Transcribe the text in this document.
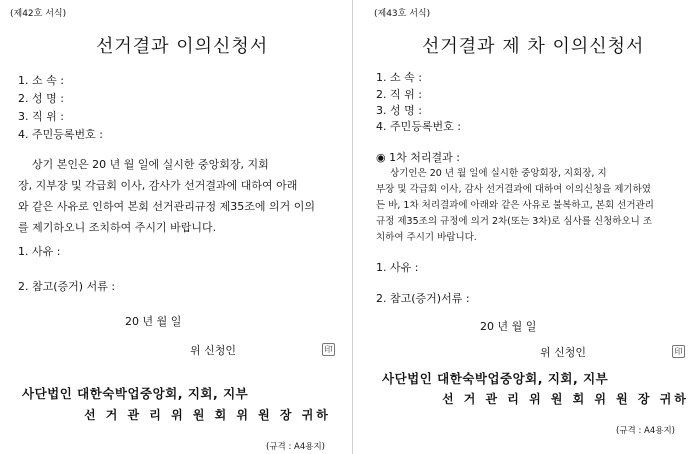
(제42호 서식)
선거결과 이의신청서
1. 소 속 :
2. 성 명 :
3. 직 위 :
4. 주민등록번호 :
상기 본인은 20 년 월 일에 실시한 중앙회장, 지회
장, 지부장 및 각급회 이사, 감사가 선거결과에 대하여 아래
와 같은 사유로 인하여 본회 선거관리규정 제35조에 의거 이의
를 제기하오니 조치하여 주시기 바랍니다.
1. 사유 :
2. 참고(증거) 서류 :
20 년 월 일
위 신청인	印
사단법인 대한숙박업중앙회, 지회, 지부
선 거 관 리 위 원 회 위 원 장 귀하
(규격 : A4용지)
(제43호 서식)
선거결과 제 차 이의신청서
1. 소 속 :
2. 직 위 :
3. 성 명 :
4. 주민등록번호 :
◉ 1차 처리결과 :
상기인은 20 년 월 일에 실시한 중앙회장, 지회장, 지
부장 및 각급회 이사, 감사 선거결과에 대하여 이의신청을 제기하였
든 바, 1차 처리결과에 아래와 같은 사유로 불복하고, 본회 선거관리
규정 제35조의 규정에 의거 2차(또는 3차)로 심사를 신청하오니 조
치하여 주시기 바랍니다.
1. 사유 :
2. 참고(증거)서류 :
20 년 월 일
위 신청인	印
사단법인 대한숙박업중앙회, 지회, 지부
선 거 관 리 위 원 회 위 원 장 귀하
(규격 : A4용지)
